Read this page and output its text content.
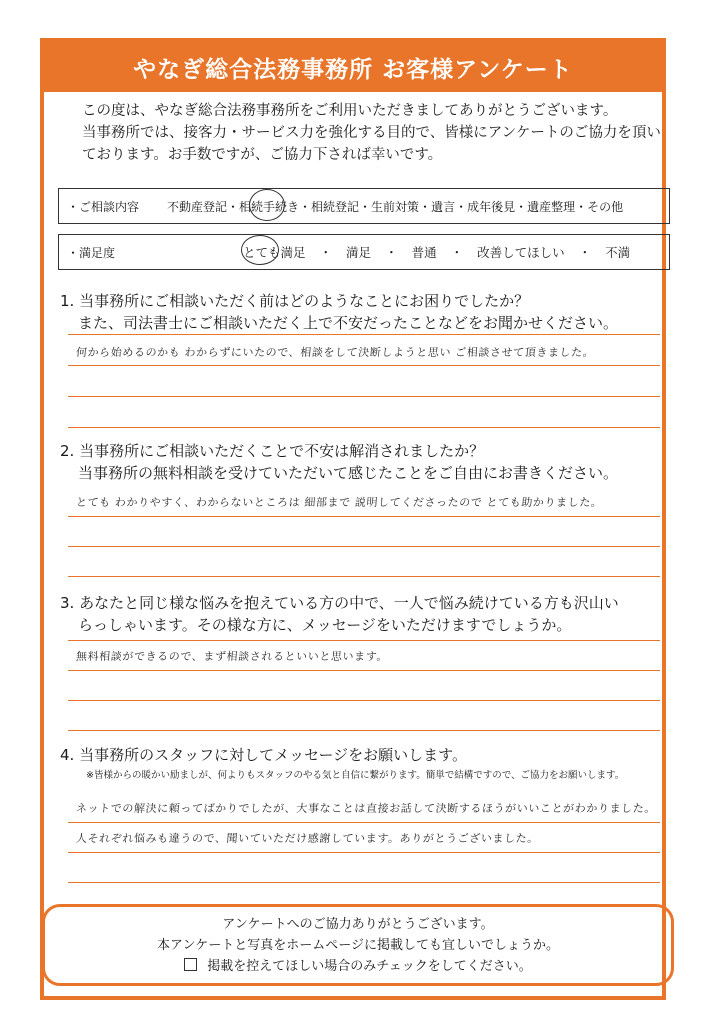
やなぎ総合法務事務所 お客様アンケート
この度は、やなぎ総合法務事務所をご利用いただきましてありがとうございます。
当事務所では、接客力・サービス力を強化する目的で、皆様にアンケートのご協力を頂い
ております。お手数ですが、ご協力下されば幸いです。
・ご相談内容	不動産登記・ 相続手続き ・相続登記・ 生前対策・ 遺言・ 成年後見・ 遺産整理・ その他
・満足度	とても満足 ・ 満足 ・ 普通 ・ 改善してほしい ・ 不満
1. 当事務所にご相談いただく前はどのようなことにお困りでしたか？
また、司法書士にご相談いただく上で不安だったことなどをお聞かせください。
何から始めるのかも わからずにいたので、相談をして決断しようと思い ご相談させて頂きました。
2. 当事務所にご相談いただくことで不安は解消されましたか？
当事務所の無料相談を受けていただいて感じたことをご自由にお書きください。
とても わかりやすく、わからないところは 細部まで 説明してくださったので とても助かりました。
3. あなたと同じ様な悩みを抱えている方の中で、一人で悩み続けている方も沢山い
らっしゃいます。その様な方に、メッセージをいただけますでしょうか。
無料相談ができるので、まず相談されるといいと思います。
4. 当事務所のスタッフに対してメッセージをお願いします。
※皆様からの暖かい励ましが、何よりもスタッフのやる気と自信に繋がります。簡単で結構ですので、ご協力をお願いします。
ネットでの解決に頼ってばかりでしたが、大事なことは直接お話して決断するほうがいいことがわかりました。
人それぞれ悩みも違うので、聞いていただけ感謝しています。ありがとうございました。
アンケートへのご協力ありがとうございます。
本アンケートと写真をホームページに掲載しても宜しいでしょうか。
掲載を控えてほしい場合のみチェックをしてください。
